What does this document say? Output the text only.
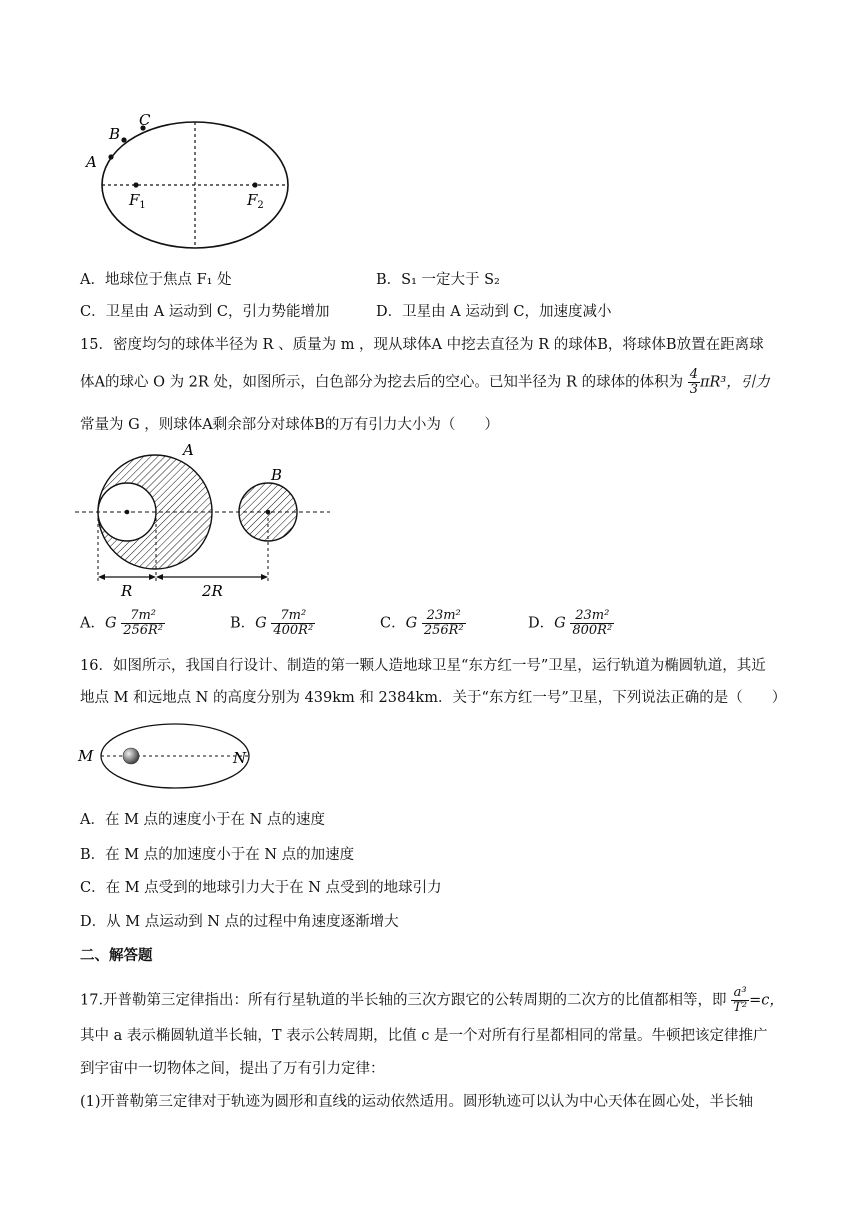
A
B
C
$F_1$	$F_2$
A．地球位于焦点 F₁ 处	B．S₁ 一定大于 S₂
C．卫星由 A 运动到 C，引力势能增加	D．卫星由 A 运动到 C，加速度减小
15．密度均匀的球体半径为 R 、质量为 m ，现从球体A 中挖去直径为 R 的球体B，将球体B放置在距离球
体A的球心 O 为 2R 处，如图所示，白色部分为挖去后的空心。已知半径为 R 的球体的体积为 $\frac{4}{3} \pi R^3$，引力
常量为 G ，则球体A剩余部分对球体B的万有引力大小为（　　）
A
B
R	2R
A．G $\frac{\text{7m²}}{\text{256R²}}$	B．G $\frac{\text{7m²}}{\text{400R²}}$	C．G $\frac{\text{23m²}}{\text{256R²}}$	D．G $\frac{\text{23m²}}{\text{800R²}}$
16．如图所示，我国自行设计、制造的第一颗人造地球卫星“东方红一号”卫星，运行轨道为椭圆轨道，其近
地点 M 和远地点 N 的高度分别为 439km 和 2384km．关于“东方红一号”卫星，下列说法正确的是（　　）
M	N
A．在 M 点的速度小于在 N 点的速度
B．在 M 点的加速度小于在 N 点的加速度
C．在 M 点受到的地球引力大于在 N 点受到的地球引力
D．从 M 点运动到 N 点的过程中角速度逐渐增大
二、解答题
17.开普勒第三定律指出：所有行星轨道的半长轴的三次方跟它的公转周期的二次方的比值都相等，即 $\frac{\text{a³}}{\text{T²}} =c$，
其中 a 表示椭圆轨道半长轴，T 表示公转周期，比值 c 是一个对所有行星都相同的常量。牛顿把该定律推广
到宇宙中一切物体之间，提出了万有引力定律：
(1)开普勒第三定律对于轨迹为圆形和直线的运动依然适用。圆形轨迹可以认为中心天体在圆心处，半长轴
